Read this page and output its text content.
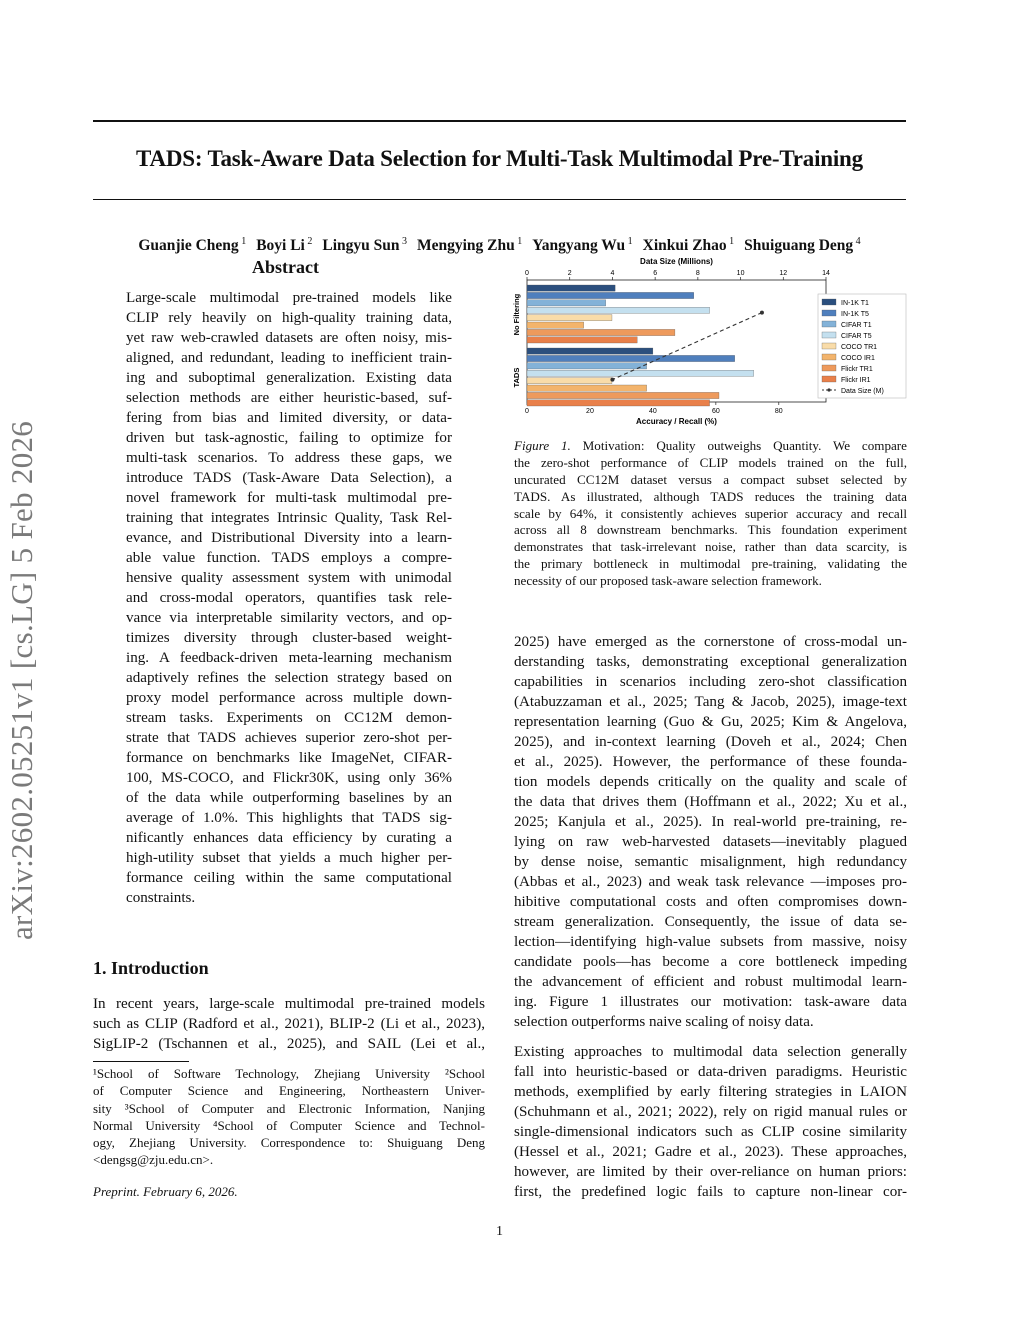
TADS: Task-Aware Data Selection for Multi-Task Multimodal Pre-Training
Guanjie Cheng $^1$ Boyi Li $^2$ Lingyu Sun $^3$ Mengying Zhu $^1$ Yangyang Wu $^1$ Xinkui Zhao $^1$ Shuiguang Deng $^4$
Abstract
Large-scale multimodal pre-trained models like
CLIP rely heavily on high-quality training data,
yet raw web-crawled datasets are often noisy, mis-
aligned, and redundant, leading to inefficient train-
ing and suboptimal generalization. Existing data
selection methods are either heuristic-based, suf-
fering from bias and limited diversity, or data-
driven but task-agnostic, failing to optimize for
multi-task scenarios. To address these gaps, we
introduce TADS (Task-Aware Data Selection), a
novel framework for multi-task multimodal pre-
training that integrates Intrinsic Quality, Task Rel-
evance, and Distributional Diversity into a learn-
able value function. TADS employs a compre-
hensive quality assessment system with unimodal
and cross-modal operators, quantifies task rele-
vance via interpretable similarity vectors, and op-
timizes diversity through cluster-based weight-
ing. A feedback-driven meta-learning mechanism
adaptively refines the selection strategy based on
proxy model performance across multiple down-
stream tasks. Experiments on CC12M demon-
strate that TADS achieves superior zero-shot per-
formance on benchmarks like ImageNet, CIFAR-
100, MS-COCO, and Flickr30K, using only 36%
of the data while outperforming baselines by an
average of 1.0%. This highlights that TADS sig-
nificantly enhances data efficiency by curating a
high-utility subset that yields a much higher per-
formance ceiling within the same computational
constraints.
1. Introduction
In recent years, large-scale multimodal pre-trained models
such as CLIP (Radford et al., 2021), BLIP-2 (Li et al., 2023),
SigLIP-2 (Tschannen et al., 2025), and SAIL (Lei et al.,
¹School of Software Technology, Zhejiang University ²School
of Computer Science and Engineering, Northeastern Univer-
sity ³School of Computer and Electronic Information, Nanjing
Normal University ⁴School of Computer Science and Technol-
ogy, Zhejiang University. Correspondence to: Shuiguang Deng
<dengsg@zju.edu.cn>.
Preprint. February 6, 2026.
1
arXiv:2602.05251v1 [cs.LG] 5 Feb 2026
Data Size (Millions)
0	2	4	6	8	10	12	14
0	20	40	60	80
Accuracy / Recall (%)
No Filtering
TADS
IN-1K T1
IN-1K T5
CIFAR T1
CIFAR T5
COCO TR1
COCO IR1
Flickr TR1
Flickr IR1
Data Size (M)
Figure 1. Motivation: Quality outweighs Quantity. We compare
the zero-shot performance of CLIP models trained on the full,
uncurated CC12M dataset versus a compact subset selected by
TADS. As illustrated, although TADS reduces the training data
scale by 64%, it consistently achieves superior accuracy and recall
across all 8 downstream benchmarks. This foundation experiment
demonstrates that task-irrelevant noise, rather than data scarcity, is
the primary bottleneck in multimodal pre-training, validating the
necessity of our proposed task-aware selection framework.
2025) have emerged as the cornerstone of cross-modal un-
derstanding tasks, demonstrating exceptional generalization
capabilities in scenarios including zero-shot classification
(Atabuzzaman et al., 2025; Tang & Jacob, 2025), image-text
representation learning (Guo & Gu, 2025; Kim & Angelova,
2025), and in-context learning (Doveh et al., 2024; Chen
et al., 2025). However, the performance of these founda-
tion models depends critically on the quality and scale of
the data that drives them (Hoffmann et al., 2022; Xu et al.,
2025; Kanjula et al., 2025). In real-world pre-training, re-
lying on raw web-harvested datasets—inevitably plagued
by dense noise, semantic misalignment, high redundancy
(Abbas et al., 2023) and weak task relevance —imposes pro-
hibitive computational costs and often compromises down-
stream generalization. Consequently, the issue of data se-
lection—identifying high-value subsets from massive, noisy
candidate pools—has become a core bottleneck impeding
the advancement of efficient and robust multimodal learn-
ing. Figure 1 illustrates our motivation: task-aware data
selection outperforms naive scaling of noisy data.
Existing approaches to multimodal data selection generally
fall into heuristic-based or data-driven paradigms. Heuristic
methods, exemplified by early filtering strategies in LAION
(Schuhmann et al., 2021; 2022), rely on rigid manual rules or
single-dimensional indicators such as CLIP cosine similarity
(Hessel et al., 2021; Gadre et al., 2023). These approaches,
however, are limited by their over-reliance on human priors:
first, the predefined logic fails to capture non-linear cor-
